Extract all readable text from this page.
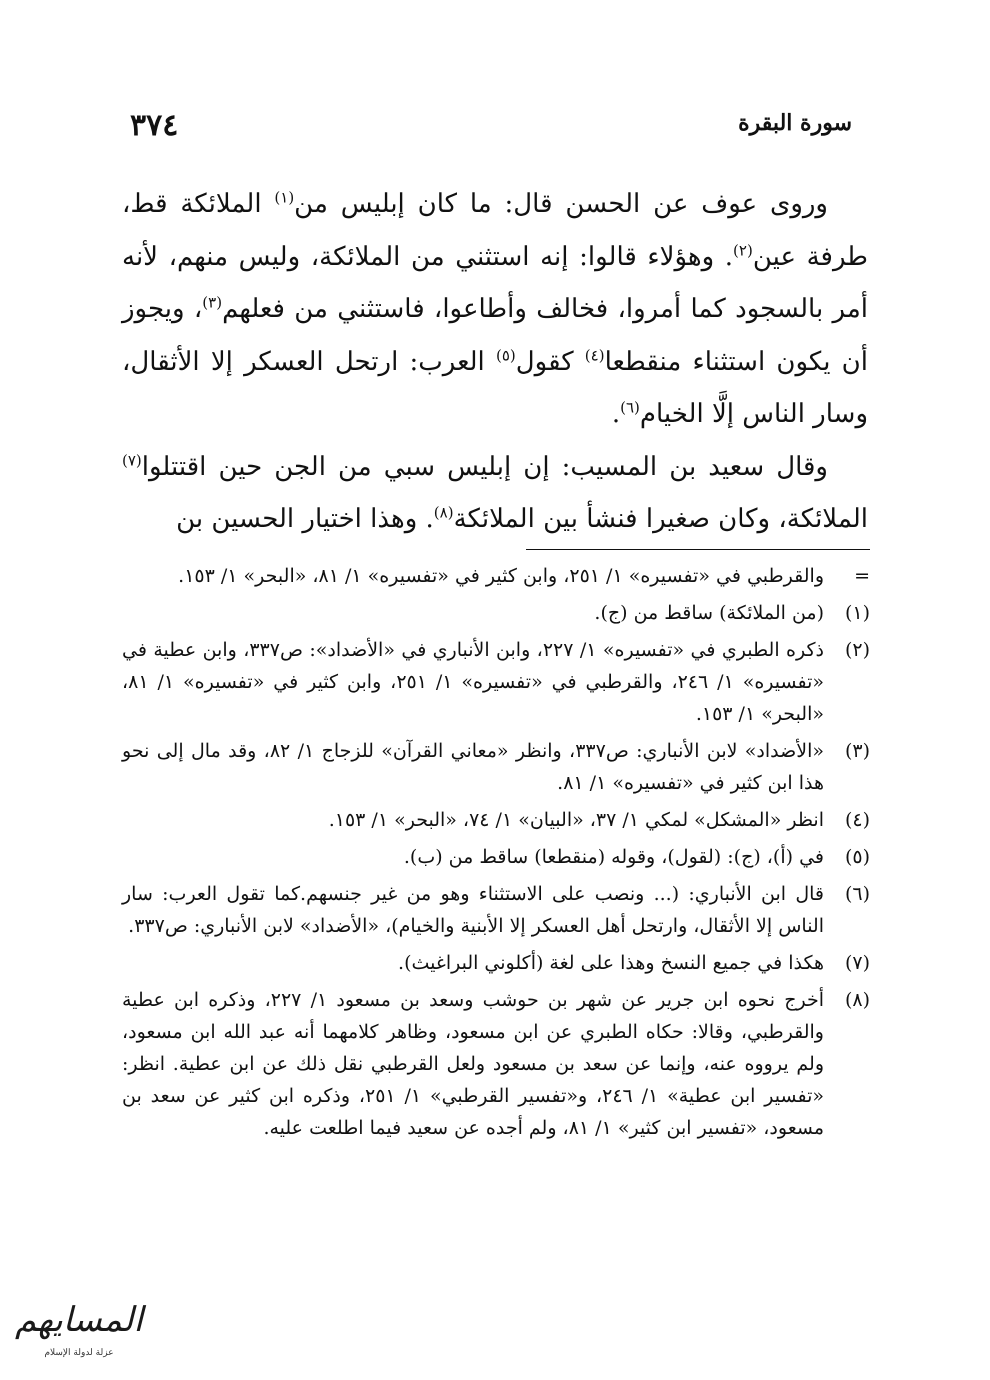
سورة البقرة
٣٧٤

وروى عوف عن الحسن قال: ما كان إبليس من$^{(١)}$ الملائكة قط، طرفة عين$^{(٢)}$. وهؤلاء قالوا: إنه استثني من الملائكة، وليس منهم، لأنه أمر بالسجود كما أمروا، فخالف وأطاعوا، فاستثني من فعلهم$^{(٣)}$، ويجوز أن يكون استثناء منقطعا$^{(٤)}$ كقول$^{(٥)}$ العرب: ارتحل العسكر إلا الأثقال، وسار الناس إلَّا الخيام$^{(٦)}$.

وقال سعيد بن المسيب: إن إبليس سبي من الجن حين اقتتلوا$^{(٧)}$ الملائكة، وكان صغيرا فنشأ بين الملائكة$^{(٨)}$. وهذا اختيار الحسين بن

=
والقرطبي في «تفسيره» ١/ ٢٥١، وابن كثير في «تفسيره» ١/ ٨١، «البحر» ١/ ١٥٣.
(١)
(من الملائكة) ساقط من (ج).
(٢)
ذكره الطبري في «تفسيره» ١/ ٢٢٧، وابن الأنباري في «الأضداد»: ص٣٣٧، وابن عطية في «تفسيره» ١/ ٢٤٦، والقرطبي في «تفسيره» ١/ ٢٥١، وابن كثير في «تفسيره» ١/ ٨١، «البحر» ١/ ١٥٣.
(٣)
«الأضداد» لابن الأنباري: ص٣٣٧، وانظر «معاني القرآن» للزجاج ١/ ٨٢، وقد مال إلى نحو هذا ابن كثير في «تفسيره» ١/ ٨١.
(٤)
انظر «المشكل» لمكي ١/ ٣٧، «البيان» ١/ ٧٤، «البحر» ١/ ١٥٣.
(٥)
في (أ)، (ج): (لقول)، وقوله (منقطعا) ساقط من (ب).
(٦)
قال ابن الأنباري: (... ونصب على الاستثناء وهو من غير جنسهم.كما تقول العرب: سار الناس إلا الأثقال، وارتحل أهل العسكر إلا الأبنية والخيام)، «الأضداد» لابن الأنباري: ص٣٣٧.
(٧)
هكذا في جميع النسخ وهذا على لغة (أكلوني البراغيث).
(٨)
أخرج نحوه ابن جرير عن شهر بن حوشب وسعد بن مسعود ١/ ٢٢٧، وذكره ابن عطية والقرطبي، وقالا: حكاه الطبري عن ابن مسعود، وظاهر كلامهما أنه عبد الله ابن مسعود، ولم يرووه عنه، وإنما عن سعد بن مسعود ولعل القرطبي نقل ذلك عن ابن عطية. انظر: «تفسير ابن عطية» ١/ ٢٤٦، و«تفسير القرطبي» ١/ ٢٥١، وذكره ابن كثير عن سعد بن مسعود، «تفسير ابن كثير» ١/ ٨١، ولم أجده عن سعيد فيما اطلعت عليه.
المسايهم
عزلة لدولة الإسلام
